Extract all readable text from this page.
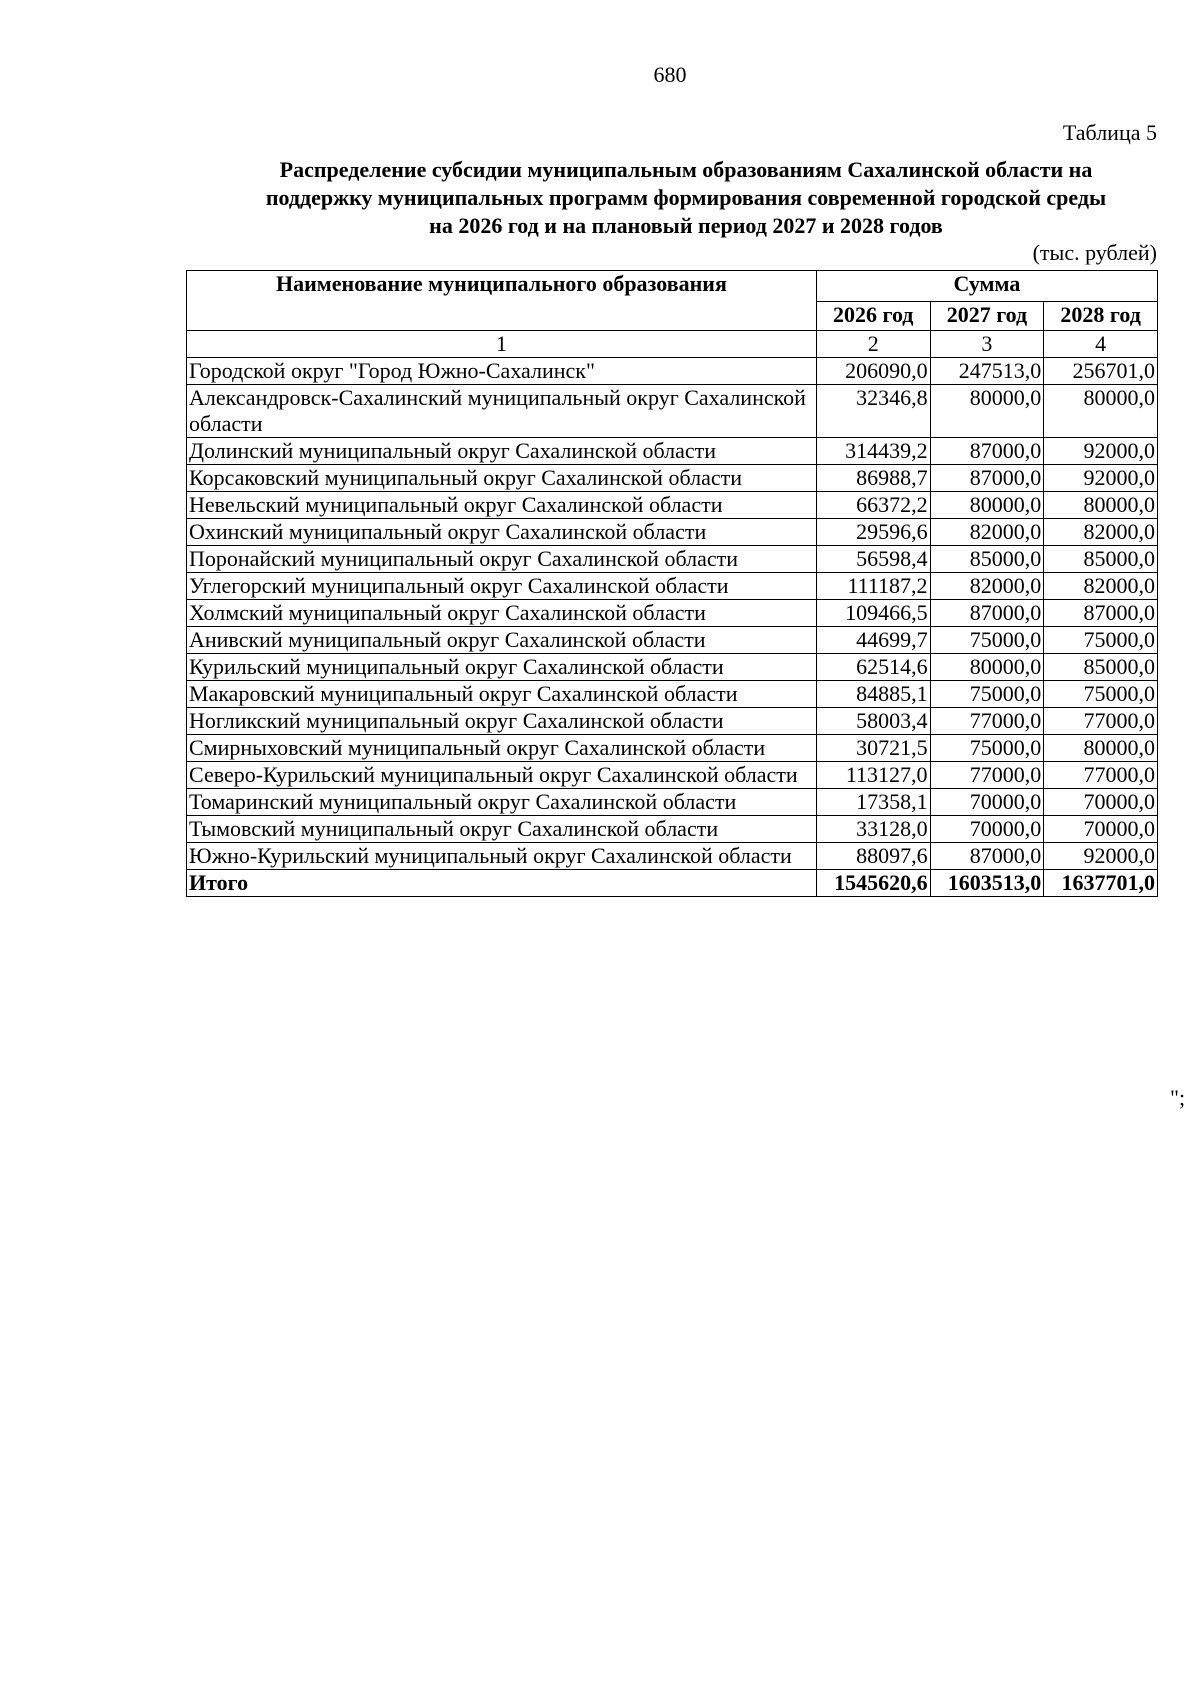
680
Таблица 5
Распределение субсидии муниципальным образованиям Сахалинской области на
поддержку муниципальных программ формирования современной городской среды
на 2026 год и на плановый период 2027 и 2028 годов
(тыс. рублей)
Наименование муниципального образования	Сумма		
	2026 год	2027 год	2028 год
1	2	3	4
Городской округ "Город Южно-Сахалинск"	206090,0	247513,0	256701,0
Александровск-Сахалинский муниципальный округ Сахалинской области	32346,8	80000,0	80000,0
Долинский муниципальный округ Сахалинской области	314439,2	87000,0	92000,0
Корсаковский муниципальный округ Сахалинской области	86988,7	87000,0	92000,0
Невельский муниципальный округ Сахалинской области	66372,2	80000,0	80000,0
Охинский муниципальный округ Сахалинской области	29596,6	82000,0	82000,0
Поронайский муниципальный округ Сахалинской области	56598,4	85000,0	85000,0
Углегорский муниципальный округ Сахалинской области	111187,2	82000,0	82000,0
Холмский муниципальный округ Сахалинской области	109466,5	87000,0	87000,0
Анивский муниципальный округ Сахалинской области	44699,7	75000,0	75000,0
Курильский муниципальный округ Сахалинской области	62514,6	80000,0	85000,0
Макаровский муниципальный округ Сахалинской области	84885,1	75000,0	75000,0
Ногликский муниципальный округ Сахалинской области	58003,4	77000,0	77000,0
Смирныховский муниципальный округ Сахалинской области	30721,5	75000,0	80000,0
Северо-Курильский муниципальный округ Сахалинской области	113127,0	77000,0	77000,0
Томаринский муниципальный округ Сахалинской области	17358,1	70000,0	70000,0
Тымовский муниципальный округ Сахалинской области	33128,0	70000,0	70000,0
Южно-Курильский муниципальный округ Сахалинской области	88097,6	87000,0	92000,0
Итого	1545620,6	1603513,0	1637701,0
";
